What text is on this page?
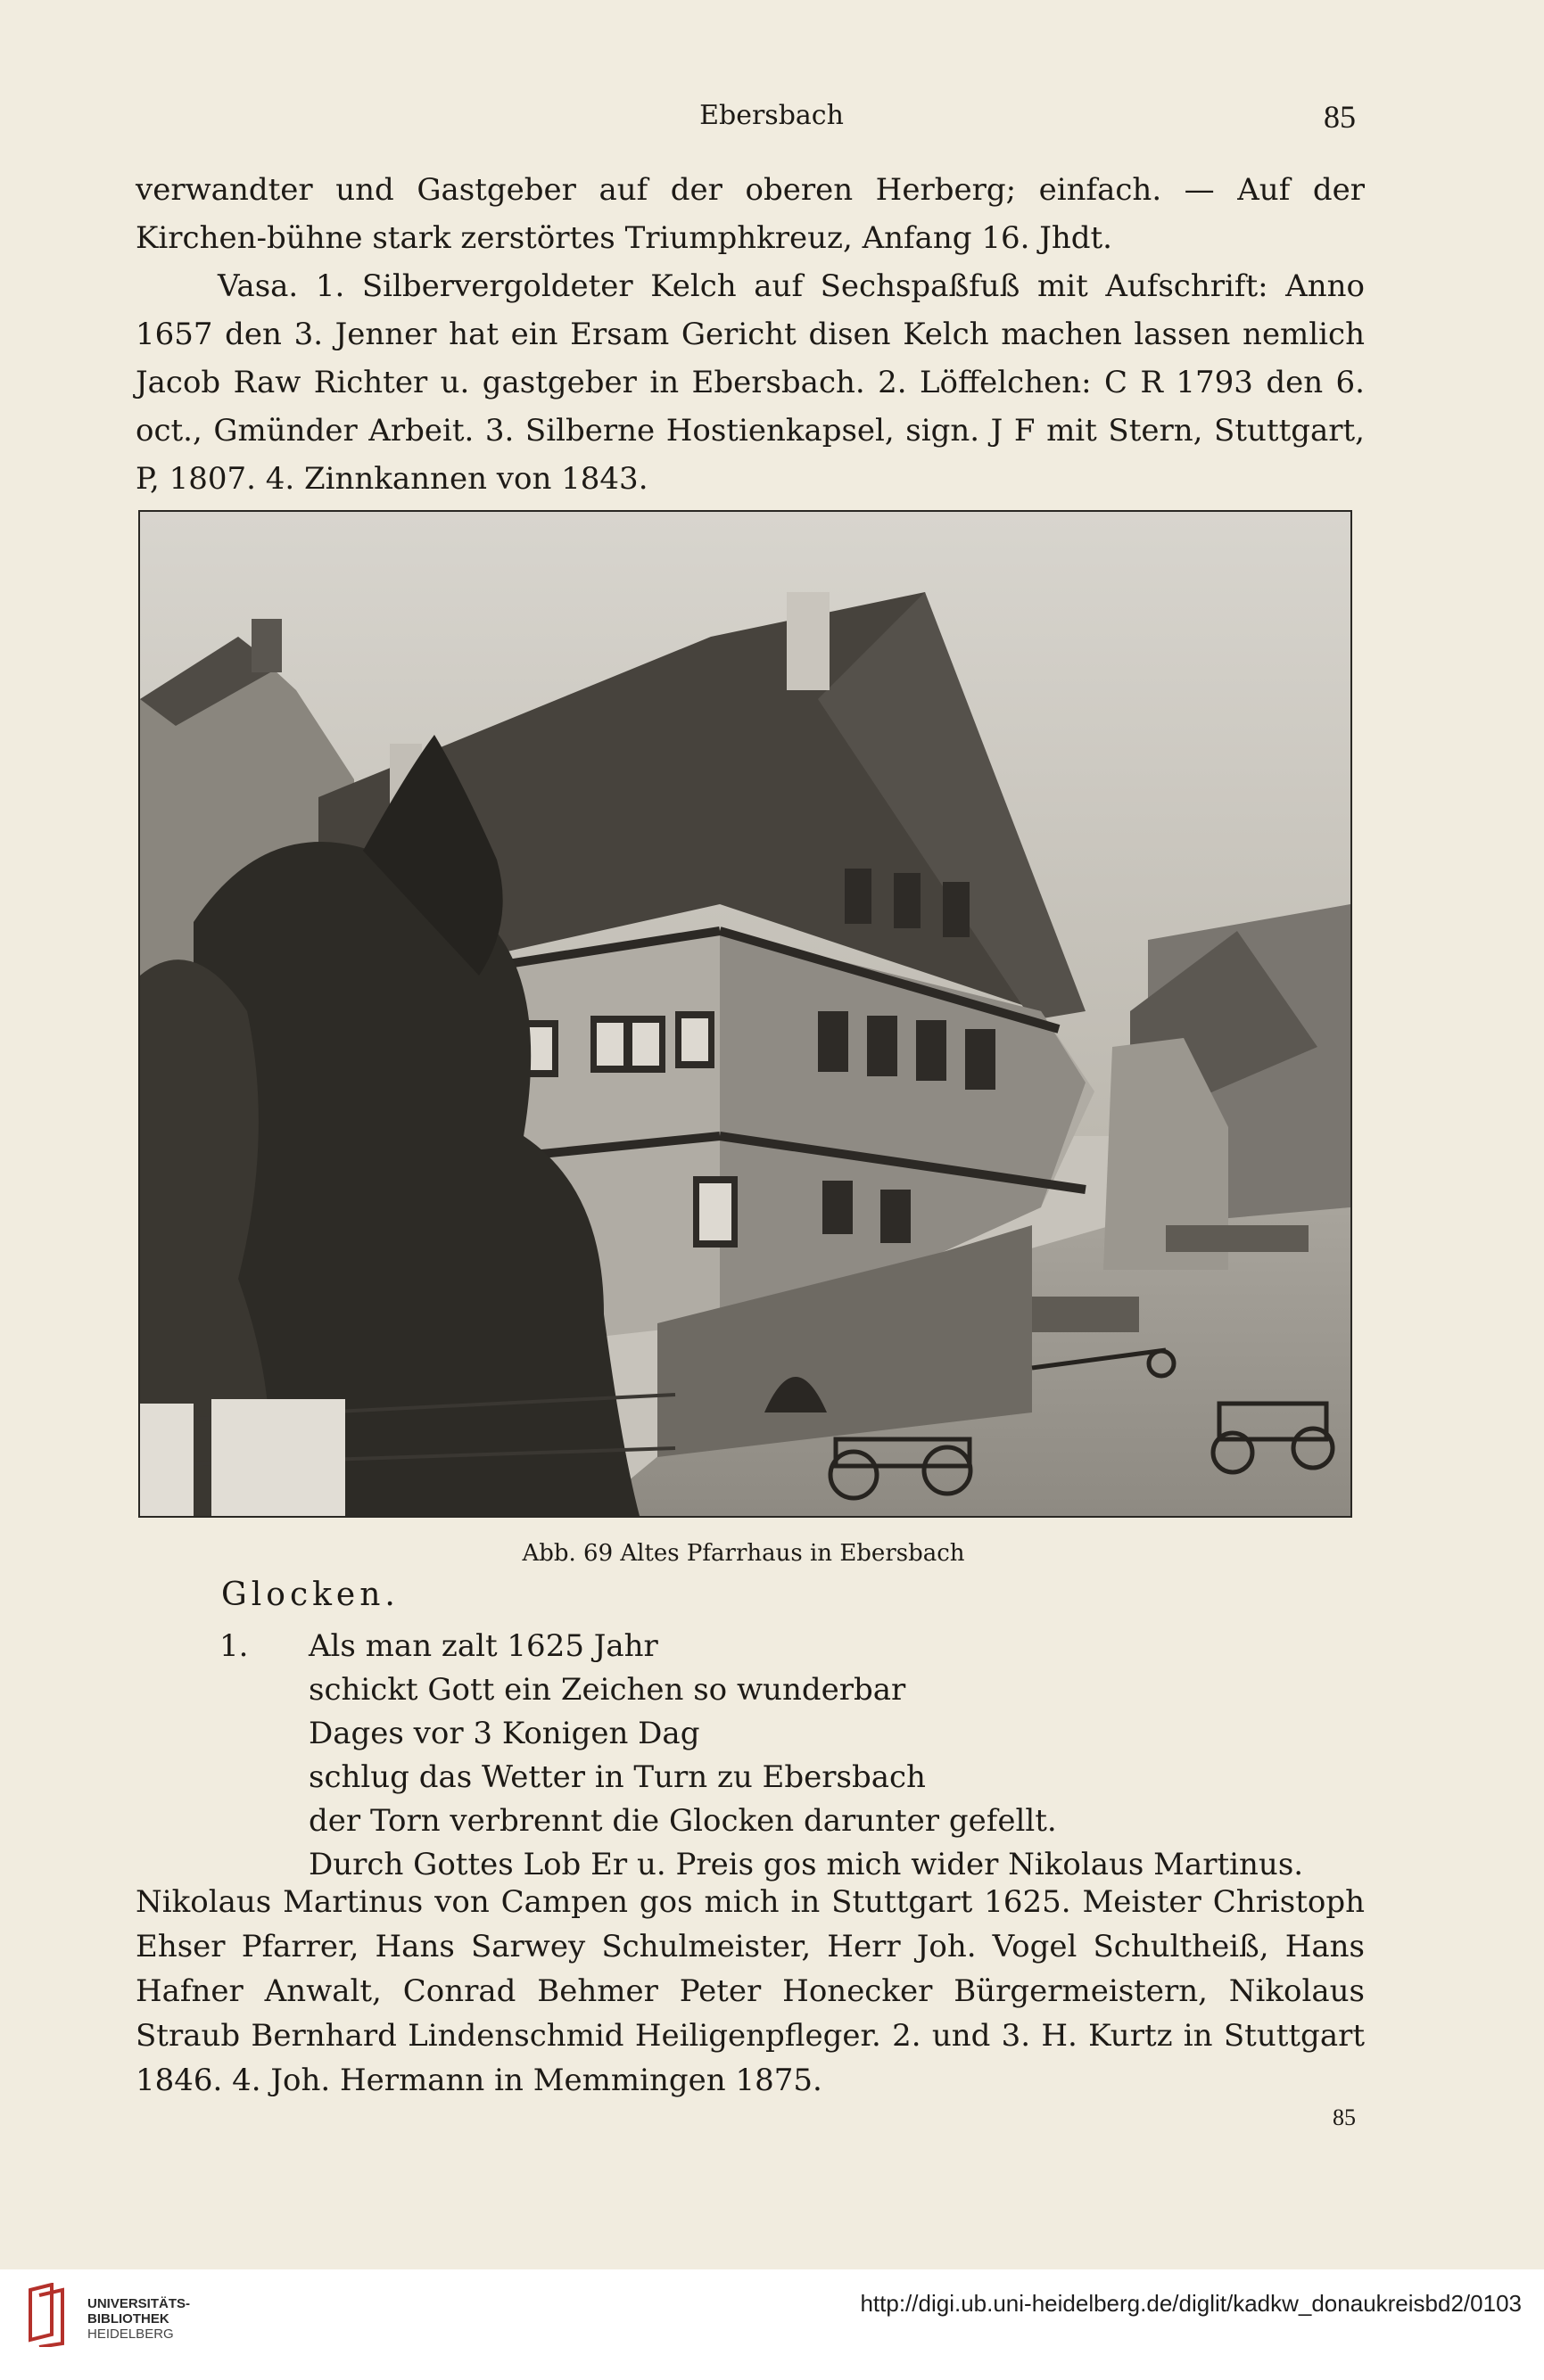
Ebersbach	85

verwandter und Gastgeber auf der oberen Herberg; einfach. — Auf der Kirchen-bühne stark zerstörtes Triumphkreuz, Anfang 16. Jhdt.

Vasa. 1. Silbervergoldeter Kelch auf Sechspaßfuß mit Aufschrift: Anno 1657 den 3. Jenner hat ein Ersam Gericht disen Kelch machen lassen nemlich Jacob Raw Richter u. gastgeber in Ebersbach. 2. Löffelchen: C R 1793 den 6. oct., Gmünder Arbeit. 3. Silberne Hostienkapsel, sign. J F mit Stern, Stuttgart, P, 1807. 4. Zinnkannen von 1843.

Abb. 69 Altes Pfarrhaus in Ebersbach
Glocken.
1. Als man zalt 1625 Jahr
schickt Gott ein Zeichen so wunderbar
Dages vor 3 Konigen Dag
schlug das Wetter in Turn zu Ebersbach
der Torn verbrennt die Glocken darunter gefellt.
Durch Gottes Lob Er u. Preis gos mich wider Nikolaus Martinus.

Nikolaus Martinus von Campen gos mich in Stuttgart 1625. Meister Christoph Ehser Pfarrer, Hans Sarwey Schulmeister, Herr Joh. Vogel Schultheiß, Hans Hafner Anwalt, Conrad Behmer Peter Honecker Bürgermeistern, Nikolaus Straub Bernhard Lindenschmid Heiligenpfleger. 2. und 3. H. Kurtz in Stuttgart 1846. 4. Joh. Hermann in Memmingen 1875.

85
UNIVERSITÄTS-
BIBLIOTHEK
HEIDELBERG
http://digi.ub.uni-heidelberg.de/diglit/kadkw_donaukreisbd2/0103
